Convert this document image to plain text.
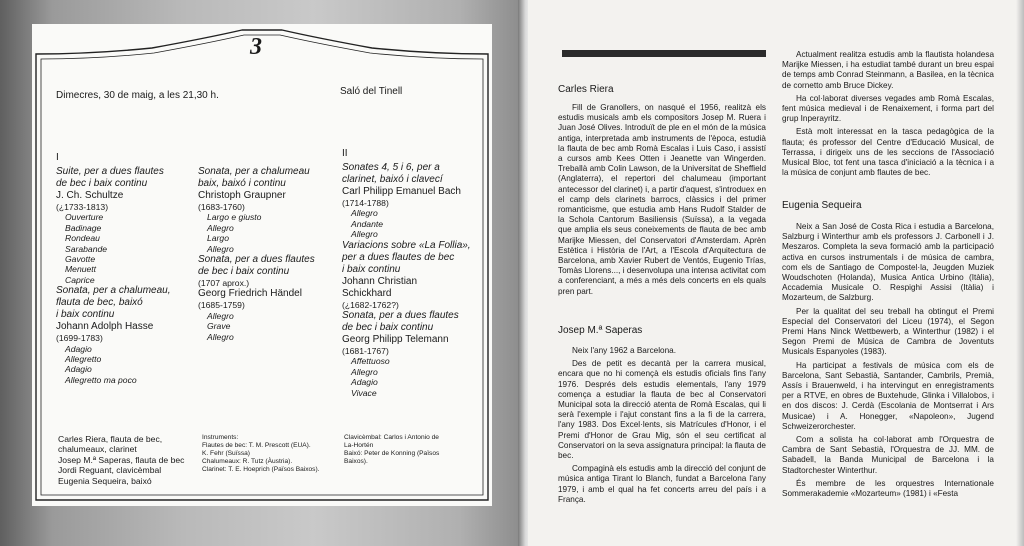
3
Dimecres, 30 de maig, a les 21,30 h.	Saló del Tinell
I
Suite, per a dues flautes
de bec i baix continu
J. Ch. Schultze
(¿1733-1813)
Ouverture
Badinage
Rondeau
Sarabande
Gavotte
Menuett
Caprice
Sonata, per a chalumeau,
flauta de bec, baixó
i baix continu
Johann Adolph Hasse
(1699-1783)
Adagio
Allegretto
Adagio
Allegretto ma poco
Sonata, per a chalumeau
baix, baixó i continu
Christoph Graupner
(1683-1760)
Largo e giusto
Allegro
Largo
Allegro
Sonata, per a dues flautes
de bec i baix continu
(1707 aprox.)
Georg Friedrich Händel
(1685-1759)
Allegro
Grave
Allegro
II
Sonates 4, 5 i 6, per a
clarinet, baixó i clavecí
Carl Philipp Emanuel Bach
(1714-1788)
Allegro
Andante
Allegro
Variacions sobre «La Follia»,
per a dues flautes de bec
i baix continu
Johann Christian
Schickhard
(¿1682-1762?)
Sonata, per a dues flautes
de bec i baix continu
Georg Philipp Telemann
(1681-1767)
Affettuoso
Allegro
Adagio
Vivace
Carles Riera, flauta de bec,
chalumeaux, clarinet
Josep M.ª Saperas, flauta de bec
Jordi Reguant, clavicèmbal
Eugenia Sequeira, baixó
Instruments:
Flautes de bec: T. M. Prescott (EUA).
K. Fehr (Suïssa)
Chalumeaux: R. Tutz (Àustria).
Clarinet: T. E. Hoeprich (Països Baixos).
Clavicèmbal: Carlos i Antonio de
La-Hortén
Baixó: Peter de Konning (Països
Baixos).
Carles Riera

Fill de Granollers, on nasqué el 1956, realitzà els estudis musicals amb els compositors Josep M. Ruera i Juan José Olives. Introduït de ple en el món de la música antiga, interpretada amb instruments de l'època, estudià la flauta de bec amb Romà Escalas i Luis Caso, i assistí a cursos amb Kees Otten i Jeanette van Wingerden. Treballà amb Colin Lawson, de la Universitat de Sheffield (Anglaterra), el repertori del chalumeau (important antecessor del clarinet) i, a partir d'aquest, s'introduex en el camp dels clarinets barrocs, clàssics i del primer romanticisme, que estudia amb Hans Rudolf Stalder de la Schola Cantorum Basiliensis (Suïssa), a la vegada que amplia els seus coneixements de flauta de bec amb Marijke Miessen, del Conservatori d'Amsterdam. Aprèn Estètica i Història de l'Art, a l'Escola d'Arquitectura de Barcelona, amb Xavier Rubert de Ventós, Eugenio Trías, Tomàs Llorens..., i desenvolupa una intensa activitat com a conferenciant, a més a més dels concerts en els quals pren part.

Josep M.ª Saperas

Neix l'any 1962 a Barcelona.

Des de petit es decantà per la carrera musical, encara que no hi començà els estudis oficials fins l'any 1976. Després dels estudis elementals, l'any 1979 comença a estudiar la flauta de bec al Conservatori Municipal sota la direcció atenta de Romà Escalas, qui li serà l'exemple i l'ajut constant fins a la fi de la carrera, l'any 1983. Dos Excel·lents, sis Matrícules d'Honor, i el Premi d'Honor de Grau Mig, són el seu certificat al Conservatori on la seva assignatura principal: la flauta de bec.

Compaginà els estudis amb la direcció del conjunt de música antiga Tirant lo Blanch, fundat a Barcelona l'any 1979, i amb el qual ha fet concerts arreu del país i a França.

Actualment realitza estudis amb la flautista holandesa Marijke Miessen, i ha estudiat també durant un breu espai de temps amb Conrad Steinmann, a Basilea, en la tècnica de cornetto amb Bruce Dickey.

Ha col·laborat diverses vegades amb Romà Escalas, fent música medieval i de Renaixement, i forma part del grup Inperayritz.

Està molt interessat en la tasca pedagògica de la flauta; és professor del Centre d'Educació Musical, de Terrassa, i dirigeix uns de les seccions de l'Associació Musical Bloc, tot fent una tasca d'iniciació a la tècnica i a la música de conjunt amb flautes de bec.

Eugenia Sequeira

Neix a San José de Costa Rica i estudia a Barcelona, Salzburg i Winterthur amb els professors J. Carbonell i J. Meszaros. Completa la seva formació amb la participació activa en cursos instrumentals i de música de cambra, com els de Santiago de Compostel·la, Jeugden Muziek Woudschoten (Holanda), Musica Antica Urbino (Itàlia), Accademia Musicale O. Respighi Assisi (Itàlia) i Mozarteum, de Salzburg.

Per la qualitat del seu treball ha obtingut el Premi Especial del Conservatori del Liceu (1974), el Segon Premi Hans Ninck Wettbewerb, a Winterthur (1982) i el Segon Premi de Música de Cambra de Joventuts Musicals Espanyoles (1983).

Ha participat a festivals de música com els de Barcelona, Sant Sebastià, Santander, Cambrils, Premià, Assís i Brauenweld, i ha intervingut en enregistraments per a RTVE, en obres de Buxtehude, Glinka i Villalobos, i en dos discos: J. Cerdà (Escolania de Montserrat i Ars Musicae) i A. Honegger, «Napoleon», Jugend Schweizerorchester.

Com a solista ha col·laborat amb l'Orquestra de Cambra de Sant Sebastià, l'Orquestra de JJ. MM. de Sabadell, la Banda Municipal de Barcelona i la Stadtorchester Winterthur.

És membre de les orquestres Internationale Sommerakademie «Mozarteum» (1981) i «Festa
